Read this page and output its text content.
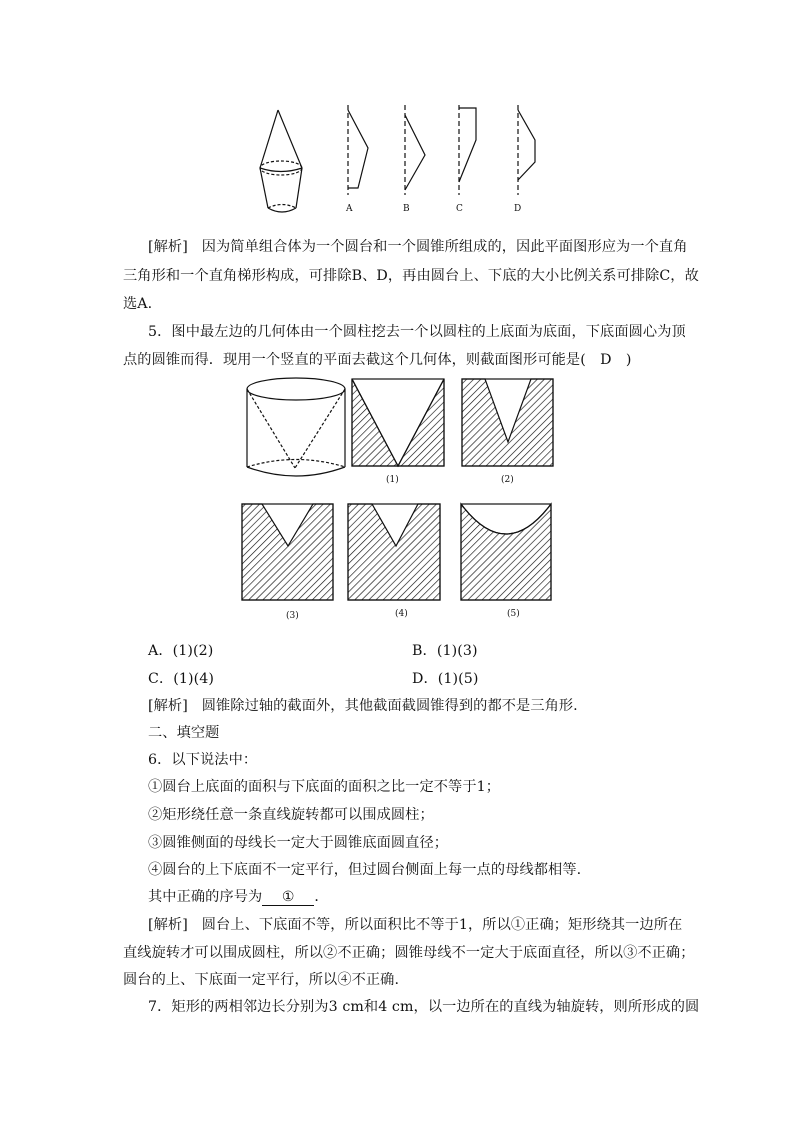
A	B	C	D
[解析] 因为简单组合体为一个圆台和一个圆锥所组成的，因此平面图形应为一个直角
三角形和一个直角梯形构成，可排除B、D，再由圆台上、下底的大小比例关系可排除C，故
选A.
5．图中最左边的几何体由一个圆柱挖去一个以圆柱的上底面为底面，下底面圆心为顶
点的圆锥而得．现用一个竖直的平面去截这个几何体，则截面图形可能是(　D　)
(1)	(2)
(3)	(4)	(5)
A．(1)(2)	B．(1)(3)
C．(1)(4)	D．(1)(5)
[解析] 圆锥除过轴的截面外，其他截面截圆锥得到的都不是三角形.
二、填空题
6．以下说法中：
①圆台上底面的面积与下底面的面积之比一定不等于1；
②矩形绕任意一条直线旋转都可以围成圆柱；
③圆锥侧面的母线长一定大于圆锥底面圆直径；
④圆台的上下底面不一定平行，但过圆台侧面上每一点的母线都相等.
其中正确的序号为 ① ．
[解析] 圆台上、下底面不等，所以面积比不等于1，所以①正确；矩形绕其一边所在
直线旋转才可以围成圆柱，所以②不正确；圆锥母线不一定大于底面直径，所以③不正确；
圆台的上、下底面一定平行，所以④不正确.
7．矩形的两相邻边长分别为3 cm和4 cm，以一边所在的直线为轴旋转，则所形成的圆
